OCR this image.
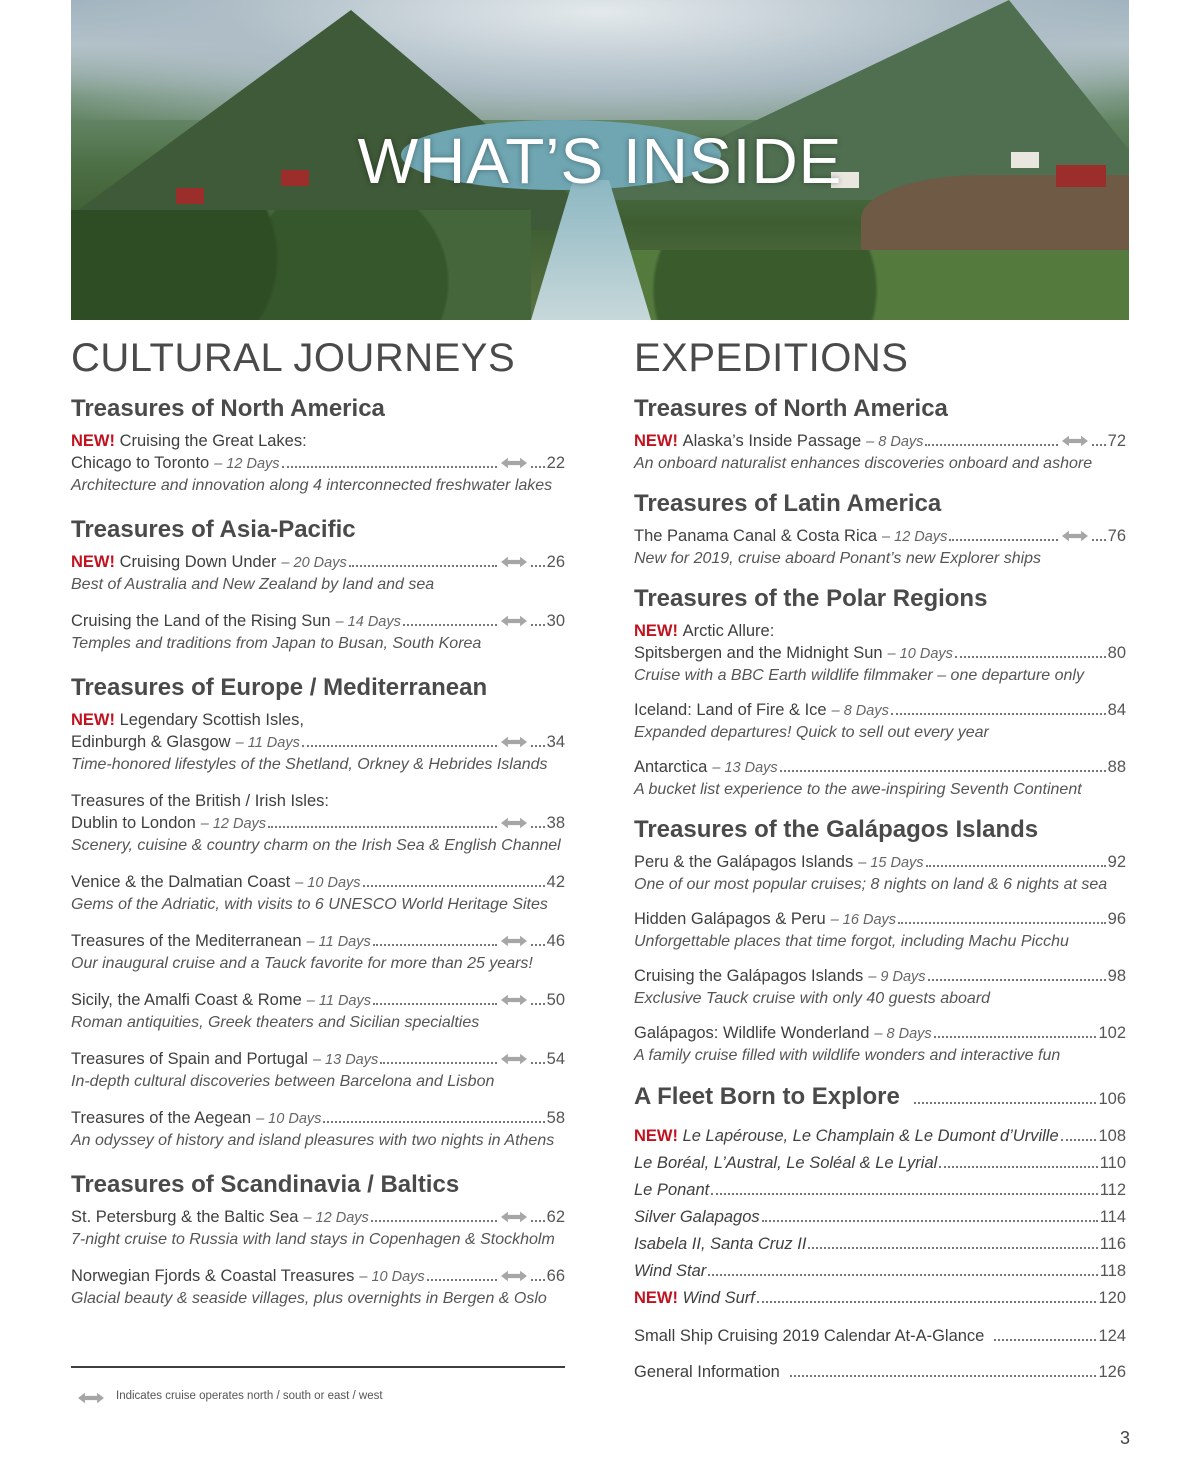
WHAT’S INSIDE
CULTURAL JOURNEYS	EXPEDITIONS
Treasures of North America
NEW!
Cruising the Great Lakes:
Chicago to Toronto – 12 Days	22
Architecture and innovation along 4 interconnected freshwater lakes
Treasures of Asia-Pacific
NEW!
Cruising Down Under – 20 Days	26
Best of Australia and New Zealand by land and sea
Cruising the Land of the Rising Sun – 14 Days	30
Temples and traditions from Japan to Busan, South Korea
Treasures of Europe / Mediterranean
NEW!
Legendary Scottish Isles,
Edinburgh & Glasgow – 11 Days	34
Time-honored lifestyles of the Shetland, Orkney & Hebrides Islands
Treasures of the British / Irish Isles:
Dublin to London – 12 Days	38
Scenery, cuisine & country charm on the Irish Sea & English Channel
Venice & the Dalmatian Coast – 10 Days	42
Gems of the Adriatic, with visits to 6 UNESCO World Heritage Sites
Treasures of the Mediterranean – 11 Days	46
Our inaugural cruise and a Tauck favorite for more than 25 years!
Sicily, the Amalfi Coast & Rome – 11 Days	50
Roman antiquities, Greek theaters and Sicilian specialties
Treasures of Spain and Portugal – 13 Days	54
In-depth cultural discoveries between Barcelona and Lisbon
Treasures of the Aegean – 10 Days	58
An odyssey of history and island pleasures with two nights in Athens
Treasures of Scandinavia / Baltics
St. Petersburg & the Baltic Sea – 12 Days	62
7-night cruise to Russia with land stays in Copenhagen & Stockholm
Norwegian Fjords & Coastal Treasures – 10 Days	66
Glacial beauty & seaside villages, plus overnights in Bergen & Oslo
Treasures of North America
NEW!
Alaska’s Inside Passage – 8 Days	72
An onboard naturalist enhances discoveries onboard and ashore
Treasures of Latin America
The Panama Canal & Costa Rica – 12 Days	76
New for 2019, cruise aboard Ponant’s new Explorer ships
Treasures of the Polar Regions
NEW!
Arctic Allure:
Spitsbergen and the Midnight Sun – 10 Days	80
Cruise with a BBC Earth wildlife filmmaker – one departure only
Iceland: Land of Fire & Ice – 8 Days	84
Expanded departures! Quick to sell out every year
Antarctica – 13 Days	88
A bucket list experience to the awe-inspiring Seventh Continent
Treasures of the Galápagos Islands
Peru & the Galápagos Islands – 15 Days	92
One of our most popular cruises; 8 nights on land & 6 nights at sea
Hidden Galápagos & Peru – 16 Days	96
Unforgettable places that time forgot, including Machu Picchu
Cruising the Galápagos Islands – 9 Days	98
Exclusive Tauck cruise with only 40 guests aboard
Galápagos: Wildlife Wonderland – 8 Days	102
A family cruise filled with wildlife wonders and interactive fun
A Fleet Born to Explore	106
NEW!
Le Lapérouse, Le Champlain & Le Dumont d’Urville 108
Le Boréal, L’Austral, Le Soléal & Le Lyrial	110
Le Ponant	112
Silver Galapagos	114
Isabela II, Santa Cruz II	116
Wind Star	118
NEW!
Wind Surf	120
Small Ship Cruising 2019 Calendar At-A-Glance	124
General Information	126
Indicates cruise operates north / south or east / west
3
